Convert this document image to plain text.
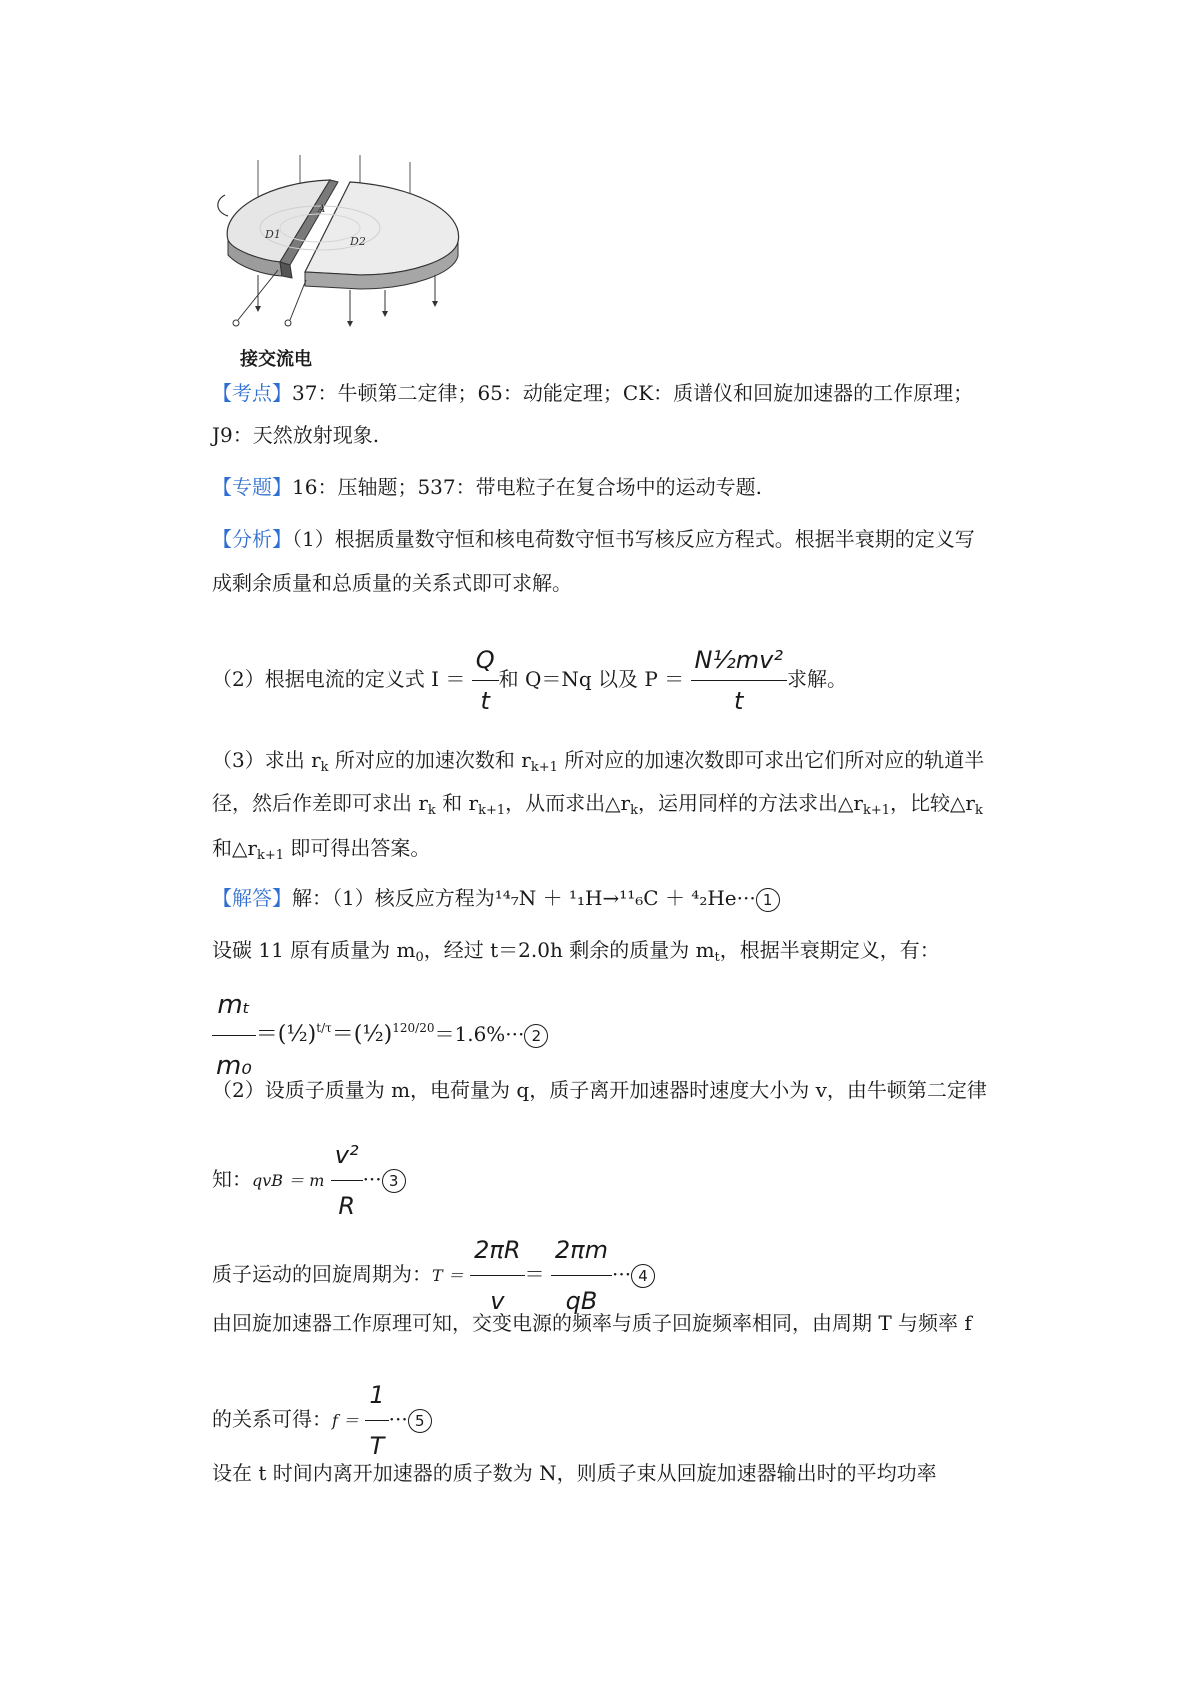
D1
A
D2
接交流电
【考点】37：牛顿第二定律；65：动能定理；CK：质谱仪和回旋加速器的工作原理；
J9：天然放射现象.
【专题】16：压轴题；537：带电粒子在复合场中的运动专题.
【分析】（1）根据质量数守恒和核电荷数守恒书写核反应方程式。根据半衰期的定义写
成剩余质量和总质量的关系式即可求解。
（2）根据电流的定义式 $I = \frac{Q}{t}$ 和 Q＝Nq 以及 $P = \frac{\text{N½mv²}}{t}$ 求解。
（3）求出 $r_k$ 所对应的加速次数和 $r_{k+1}$ 所对应的加速次数即可求出它们所对应的轨道半
径，然后作差即可求出 $r_k$ 和 $r_{k+1}$，从而求出$\triangle r_k$，运用同样的方法求出$\triangle r_{k+1}$，比较$\triangle r_k$
和$\triangle r_{k+1}$ 即可得出答案。
【解答】解：（1）核反应方程为¹⁴₇N ＋ ¹₁H→¹¹₆C ＋ ⁴₂He··· 1
设碳 11 原有质量为 $m_0$，经过 t＝2.0h 剩余的质量为 $m_t$，根据半衰期定义，有：
$\frac{\text{mₜ}}{\text{m₀}}$ ＝(½)$^{t/\tau}$＝(½)$^{120/20}$＝1.6%··· 2
（2）设质子质量为 m，电荷量为 q，质子离开加速器时速度大小为 v，由牛顿第二定律
知：qvB ＝ m $\frac{\text{v²}}{R}$ ··· 3
质子运动的回旋周期为：$T = \frac{2\pi R}{v} = \frac{2\pi m}{qB}$ ··· 4
由回旋加速器工作原理可知，交变电源的频率与质子回旋频率相同，由周期 T 与频率 f
的关系可得：$f = \frac{1}{T}$ ··· 5
设在 t 时间内离开加速器的质子数为 N，则质子束从回旋加速器输出时的平均功率
